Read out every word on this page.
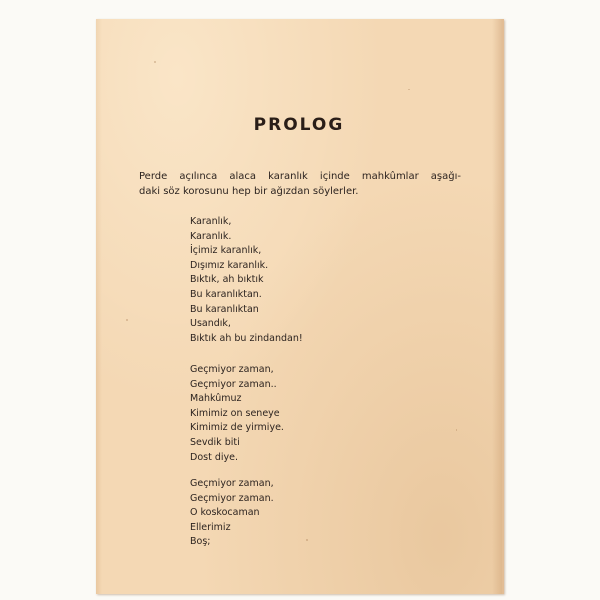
PROLOG

Perde açılınca alaca karanlık içinde mahkûmlar aşağı-
daki söz korosunu hep bir ağızdan söylerler.

Karanlık,
Karanlık.
İçimiz karanlık,
Dışımız karanlık.
Bıktık, ah bıktık
Bu karanlıktan.
Bu karanlıktan
Usandık,
Bıktık ah bu zindandan!
Geçmiyor zaman,
Geçmiyor zaman..
Mahkûmuz
Kimimiz on seneye
Kimimiz de yirmiye.
Sevdik biti
Dost diye.
Geçmiyor zaman,
Geçmiyor zaman.
O koskocaman
Ellerimiz
Boş;
